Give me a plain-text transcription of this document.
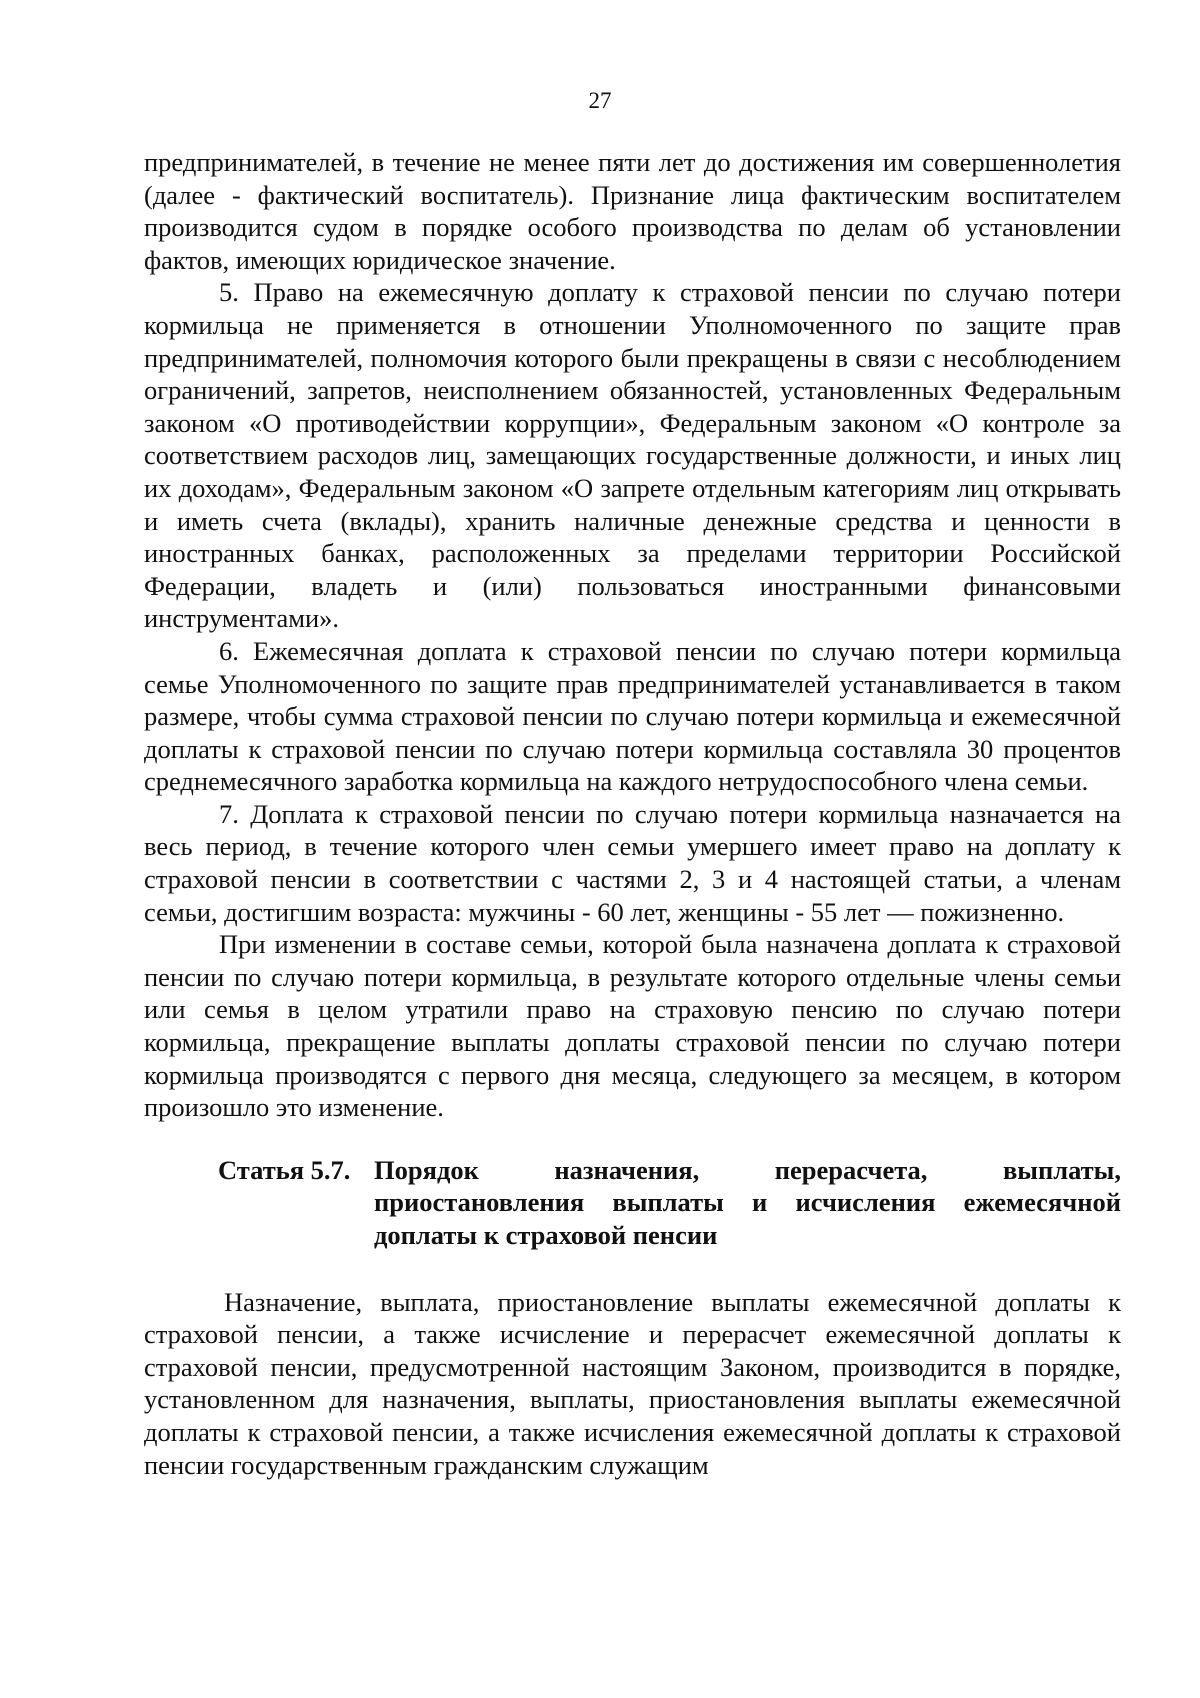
27

предпринимателей, в течение не менее пяти лет до достижения им совершеннолетия (далее - фактический воспитатель). Признание лица фактическим воспитателем производится судом в порядке особого производства по делам об установлении фактов, имеющих юридическое значение.

5. Право на ежемесячную доплату к страховой пенсии по случаю потери кормильца не применяется в отношении Уполномоченного по защите прав предпринимателей, полномочия которого были прекращены в связи с несоблюдением ограничений, запретов, неисполнением обязанностей, установленных Федеральным законом «О противодействии коррупции», Федеральным законом «О контроле за соответствием расходов лиц, замещающих государственные должности, и иных лиц их доходам», Федеральным законом «О запрете отдельным категориям лиц открывать и иметь счета (вклады), хранить наличные денежные средства и ценности в иностранных банках, расположенных за пределами территории Российской Федерации, владеть и (или) пользоваться иностранными финансовыми инструментами».

6. Ежемесячная доплата к страховой пенсии по случаю потери кормильца семье Уполномоченного по защите прав предпринимателей устанавливается в таком размере, чтобы сумма страховой пенсии по случаю потери кормильца и ежемесячной доплаты к страховой пенсии по случаю потери кормильца составляла 30 процентов среднемесячного заработка кормильца на каждого нетрудоспособного члена семьи.

7. Доплата к страховой пенсии по случаю потери кормильца назначается на весь период, в течение которого член семьи умершего имеет право на доплату к страховой пенсии в соответствии с частями 2, 3 и 4 настоящей статьи, а членам семьи, достигшим возраста: мужчины - 60 лет, женщины - 55 лет — пожизненно.

При изменении в составе семьи, которой была назначена доплата к страховой пенсии по случаю потери кормильца, в результате которого отдельные члены семьи или семья в целом утратили право на страховую пенсию по случаю потери кормильца, прекращение выплаты доплаты страховой пенсии по случаю потери кормильца производятся с первого дня месяца, следующего за месяцем, в котором произошло это изменение.

Статья 5.7. Порядок назначения, перерасчета, выплаты, приостановления выплаты и исчисления ежемесячной доплаты к страховой пенсии

Назначение, выплата, приостановление выплаты ежемесячной доплаты к страховой пенсии, а также исчисление и перерасчет ежемесячной доплаты к страховой пенсии, предусмотренной настоящим Законом, производится в порядке, установленном для назначения, выплаты, приостановления выплаты ежемесячной доплаты к страховой пенсии, а также исчисления ежемесячной доплаты к страховой пенсии государственным гражданским служащим
